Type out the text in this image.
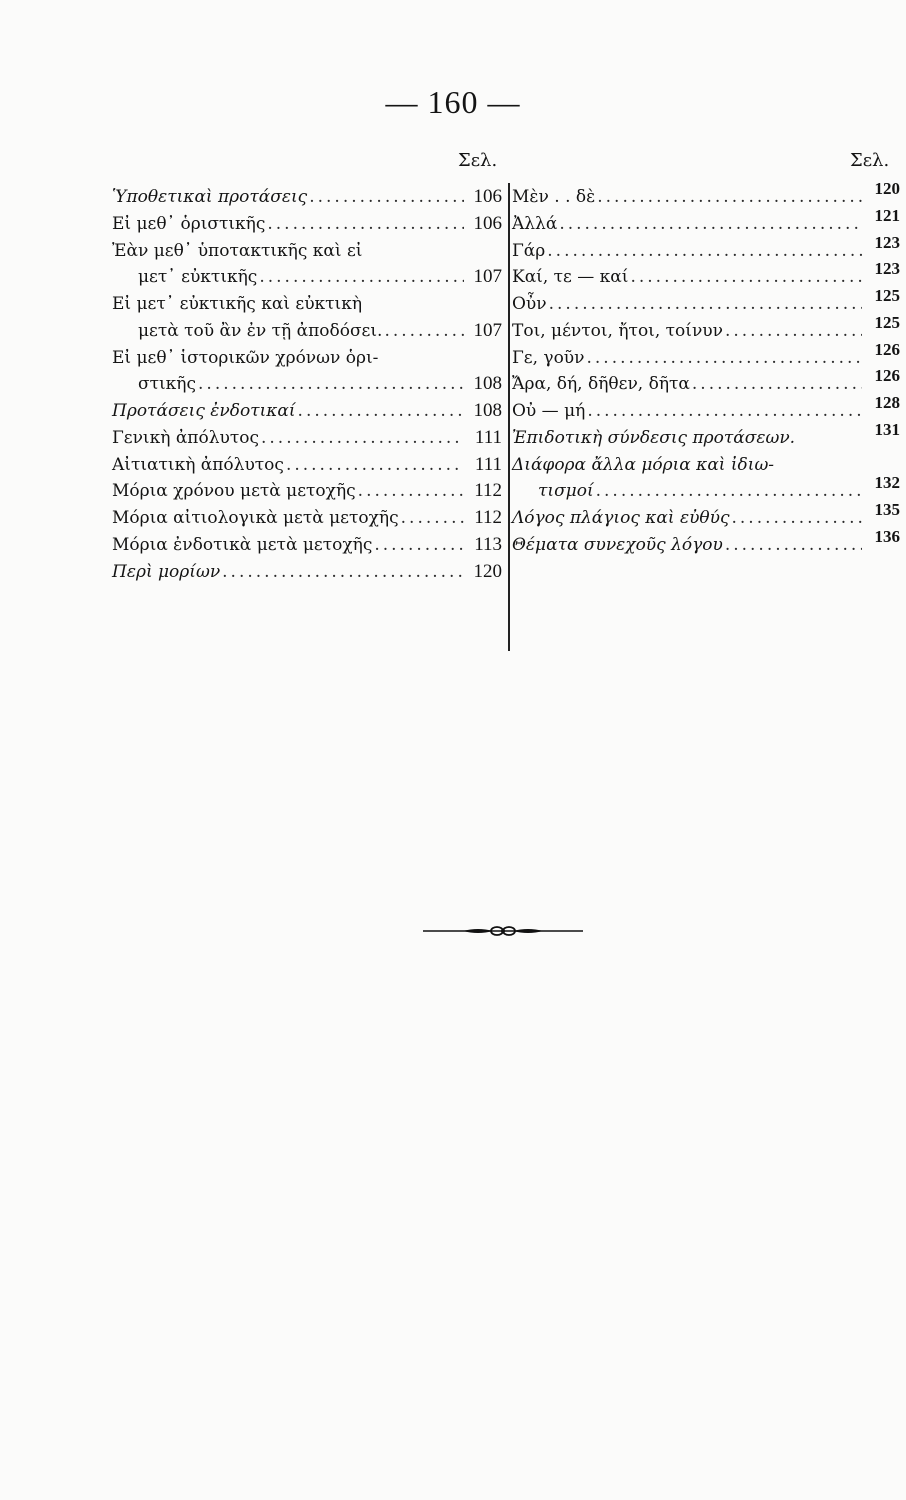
— 160 —
Σελ.	Σελ.
Ὑποθετικαὶ προτάσεις .....	106
Εἰ μεθ᾽ ὁριστικῆς .....	106
Ἐὰν μεθ᾽ ὑποτακτικῆς καὶ εἰ
μετ᾽ εὐκτικῆς .....	107
Εἰ μετ᾽ εὐκτικῆς καὶ εὐκτικὴ
μετὰ τοῦ ἂν ἐν τῇ ἀποδόσει. .....	107
Εἰ μεθ᾽ ἱστορικῶν χρόνων ὁρι-
στικῆς .....	108
Προτάσεις ἐνδοτικαί .....	108
Γενικὴ ἀπόλυτος .....	111
Αἰτιατικὴ ἀπόλυτος .....	111
Μόρια χρόνου μετὰ μετοχῆς .....	112
Μόρια αἰτιολογικὰ μετὰ μετοχῆς .....	112
Μόρια ἐνδοτικὰ μετὰ μετοχῆς .....	113
Περὶ μορίων .....	120
Μὲν . . δὲ .....	120
Ἀλλά .....	121
Γάρ .....	123
Καί, τε — καί .....	123
Οὖν .....	125
Τοι, μέντοι, ἤτοι, τοίνυν .....	125
Γε, γοῦν .....	126
Ἄρα, δή, δῆθεν, δῆτα .....	126
Οὐ — μή .....	128
Ἐπιδοτικὴ σύνδεσις προτάσεων.	131
Διάφορα ἄλλα μόρια καὶ ἰδιω-
τισμοί .....	132
Λόγος πλάγιος καὶ εὐθύς .....	135
Θέματα συνεχοῦς λόγου .....	136
